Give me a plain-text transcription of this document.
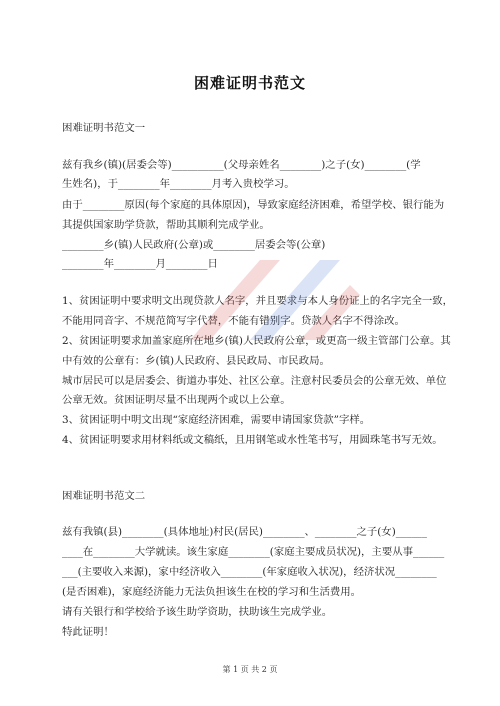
困难证明书范文
困难证明书范文一
兹有我乡(镇)(居委会等)__________(父母亲姓名________)之子(女)________(学
生姓名)，于________年________月考入贵校学习。
由于________原因(每个家庭的具体原因)，导致家庭经济困难，希望学校、银行能为
其提供国家助学贷款，帮助其顺利完成学业。
________乡(镇)人民政府(公章)或________居委会等(公章)
________年________月________日
1、贫困证明中要求明文出现贷款人名字，并且要求与本人身份证上的名字完全一致，
不能用同音字、不规范简写字代替，不能有错别字。贷款人名字不得涂改。
2、贫困证明要求加盖家庭所在地乡(镇)人民政府公章，或更高一级主管部门公章。其
中有效的公章有：乡(镇)人民政府、县民政局、市民政局。
城市居民可以是居委会、街道办事处、社区公章。注意村民委员会的公章无效、单位
公章无效。贫困证明尽量不出现两个或以上公章。
3、贫困证明中明文出现“家庭经济困难，需要申请国家贷款”字样。
4、贫困证明要求用材料纸或文稿纸，且用钢笔或水性笔书写，用圆珠笔书写无效。
困难证明书范文二
兹有我镇(县)________(具体地址)村民(居民)________、________之子(女)______
____在________大学就读。该生家庭________(家庭主要成员状况)，主要从事______
___(主要收入来源)，家中经济收入________(年家庭收入状况)，经济状况________
(是否困难)，家庭经济能力无法负担该生在校的学习和生活费用。
请有关银行和学校给予该生助学资助，扶助该生完成学业。
特此证明！
第 1 页 共 2 页
